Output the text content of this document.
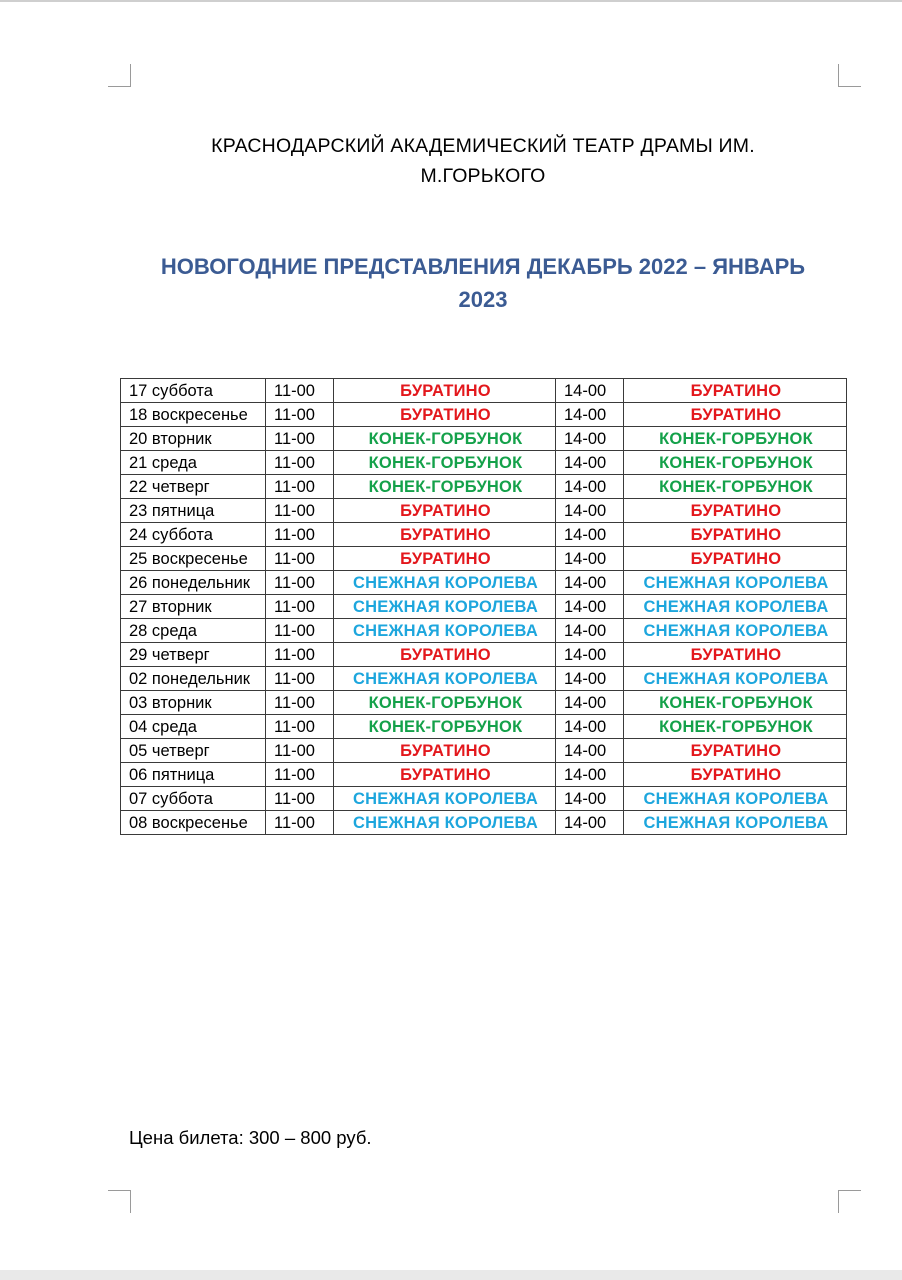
КРАСНОДАРСКИЙ АКАДЕМИЧЕСКИЙ ТЕАТР ДРАМЫ ИМ.
М.ГОРЬКОГО
НОВОГОДНИЕ ПРЕДСТАВЛЕНИЯ ДЕКАБРЬ 2022 – ЯНВАРЬ
2023
17 суббота	11-00	БУРАТИНО	14-00	БУРАТИНО
18 воскресенье	11-00	БУРАТИНО	14-00	БУРАТИНО
20 вторник	11-00	КОНЕК-ГОРБУНОК	14-00	КОНЕК-ГОРБУНОК
21 среда	11-00	КОНЕК-ГОРБУНОК	14-00	КОНЕК-ГОРБУНОК
22 четверг	11-00	КОНЕК-ГОРБУНОК	14-00	КОНЕК-ГОРБУНОК
23 пятница	11-00	БУРАТИНО	14-00	БУРАТИНО
24 суббота	11-00	БУРАТИНО	14-00	БУРАТИНО
25 воскресенье	11-00	БУРАТИНО	14-00	БУРАТИНО
26 понедельник	11-00	СНЕЖНАЯ КОРОЛЕВА	14-00	СНЕЖНАЯ КОРОЛЕВА
27 вторник	11-00	СНЕЖНАЯ КОРОЛЕВА	14-00	СНЕЖНАЯ КОРОЛЕВА
28 среда	11-00	СНЕЖНАЯ КОРОЛЕВА	14-00	СНЕЖНАЯ КОРОЛЕВА
29 четверг	11-00	БУРАТИНО	14-00	БУРАТИНО
02 понедельник	11-00	СНЕЖНАЯ КОРОЛЕВА	14-00	СНЕЖНАЯ КОРОЛЕВА
03 вторник	11-00	КОНЕК-ГОРБУНОК	14-00	КОНЕК-ГОРБУНОК
04 среда	11-00	КОНЕК-ГОРБУНОК	14-00	КОНЕК-ГОРБУНОК
05 четверг	11-00	БУРАТИНО	14-00	БУРАТИНО
06 пятница	11-00	БУРАТИНО	14-00	БУРАТИНО
07 суббота	11-00	СНЕЖНАЯ КОРОЛЕВА	14-00	СНЕЖНАЯ КОРОЛЕВА
08 воскресенье	11-00	СНЕЖНАЯ КОРОЛЕВА	14-00	СНЕЖНАЯ КОРОЛЕВА
Цена билета: 300 – 800 руб.
